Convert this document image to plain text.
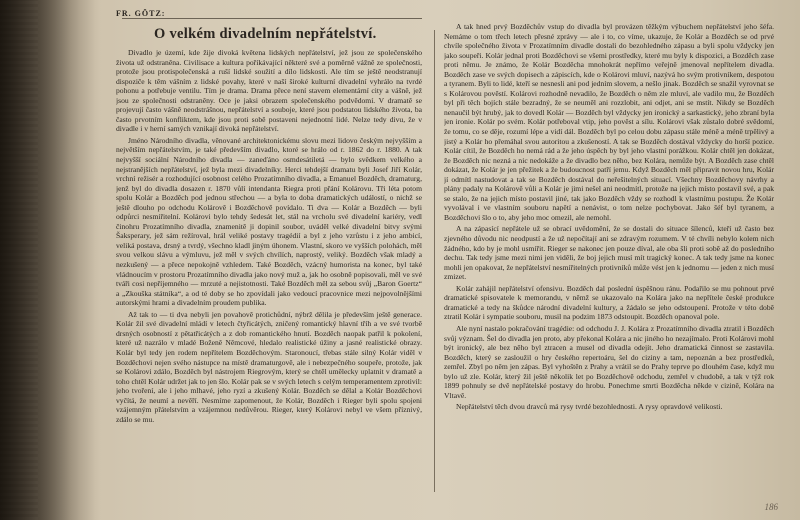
FR. GÖTZ:
O velkém divadelním nepřátelství.

Divadlo je území, kde žije divoká květena lidských nepřátelství, jež jsou ze společenského života už odstraněna. Civilisace a kultura poříkávající některé své a poměrně vážně ze společnosti, protože jsou protispolečenská a ruší lidské soužití a dílo lidskosti. Ale tím se ještě neodstranují dispoziče k těm vášním z lidské povahy, které v naší široké kulturní divadelní vyhrálo na tvrdé pohonu a potřebuje ventilu. Tím je drama. Drama přece není stavem elementární city a vášně, jež jsou ze společnosti odstraněny. Oce je jaksi obrazem společenského podvědomí. V dramatě se projevují často vášně neodstrášnou, nepřátelství a souboje, které jsou podstatou lidského života, ba často prvotním konfliktem, kde jsou proti sobě postaveni nejednotní lidé. Nelze tedy divu, že v divadle i v herní samých vznikají divoká nepřátelství.

Jméno Národního divadla, věnované architektonickému slovu mezi lidovo českým nejvyšším a největším nepřátelstvím, je také především divadlo, ktoré se hrálo od r. 1862 do r. 1880. A tak nejvyšší sociální Národního divadla — zaneďáno osmdesátiletá — bylo svědkem velkého a nejstranějších nepřátelství, jež byla mezi divadelníky. Herci tehdejší dramatu byli Josef Jiří Kolár, vrchní režisér a rozhodující osobnost celého Prozatímního divadla, a Emanuel Bozděch, dramaturg, jenž byl do divadla dosazen r. 1870 vůlí intendanta Riegra proti přání Kolárovu. Tři léta potom spolu Kolár a Bozděch pod jednou střechou — a byla to doba dramatických událostí, o nichž se ještě dlouho po odchodu Kolárově i Bozděchově povídalo. Ti dva — Kolár a Bozděch — byli odpůrci nesmiřitelní. Kolárovi bylo tehdy šedesát let, stál na vrcholu své divadelní kariéry, vedl činohru Prozatímního divadla, znamenitě ji dopinil soubor, uváděl velké divadelní bitvy svými Šaksperary, jež sám režíroval, hrál veliké postavy tragédií a byl z jeho vzrůstu i z jeho ambicí, veliká postava, drsný a tvrdý, všechno kladl jiným úhonem. Vlastní, skoro ve vyšších polohách, měl svou velkou slávu a výmluvu, jež měl v svých chvílích, naprostý, veliký. Bozděch však mladý a nezkušený — a přece nepokojně vzhledem. Také Bozděch, vzácný humorista na konec, byl také vládnoucím v prostoru Prozatímního divadla jako nový muž a, jak ho osobně popisovali, měl ve své tváři cosi nepříjemného — mrzuté a nejistotnosti. Také Bozděch měl za sebou svůj „Baron Goertz“ a „Zkouška státníka“, a od té doby se ho zpovídali jako vedoucí pracovnice mezi nejpovolnějšími autorskými hrami a divadelním proudem publika.

Až tak to — ti dva nebyli jen povahově protichůdní, nýbrž dělila je především ještě generace. Kolár žil své divadelní mládí v letech čtyřicátých, zničený romantický hlavní tříh a ve své tvorbě drsných osobností z pětatřicátých a z dob romantického hnutí. Bozděch naopak patřil k pokolení, které už nazrálo v mladé Boženě Němcové, hledalo realistické úžiny a jasné realistické obrazy. Kolár byl tedy jen rodem nepřítelem Bozděchovým. Staronoucí, třebas stále silný Kolár viděl v Bozděchovi nejen svého nástupce na místě dramaturgově, ale i nebezpečného soupeře, protože, jak se Kolárovi zdálo, Bozděch byl nástrojem Riegrovým, který se chtěl umělecky uplatnit v dramatě a toho chtěl Kolár udržet jak to jen šlo. Kolár pak se v svých letech s celým temperamentem zprotivil: jeho tvoření, ale i jeho mlhavé, jeho ryzí a zkušený Kolár. Bozděch se dělal a Kolár Bozděchovi vyčítá, že neumí a nevěří. Nesmíme zapomenout, že Kolár, Bozděch i Rieger byli spolu spojeni vzájemným přátelstvím a vzájemnou nedůvěrou. Rieger, který Kolárovi nebyl ve všem příznivý, zdálo se mu.

A tak hned prvý Bozděchův vstup do divadla byl provázen těžkým výbuchem nepřátelství jeho šéfa. Nemáme o tom třech letech přesné zprávy — ale i to, co víme, ukazuje, že Kolár a Bozděch se od prvé chvíle společného života v Prozatímním divadle dostali do bezohledného zápasu a byli spolu vždycky jen jako soupeři. Kolár jednal proti Bozděchovi se všemi prostředky, které mu byly k dispozici, a Bozděch zase proti němu. Je známo, že Kolár Bozděcha mnohokrát nepřímo veřejně jmenoval nepřítelem divadla. Bozděch zase ve svých dopisech a zápiscích, kde o Kolárovi mluví, nazývá ho svým protivníkem, despotou a tyranem. Byli to lidé, kteří se nesnesli ani pod jedním slovem, a nešlo jinak. Bozděch se snažil vyrovnat se s Kolárovou pověstí. Kolárovi rozhodně nevadilo, že Bozděch o něm zle mluví, ale vadilo mu, že Bozděch byl při těch bojích stále bezradný, že se neuměl ani rozzlobit, ani odjet, ani se mstít. Nikdy se Bozděch nenaučil být hrubý, jak to dovedl Kolár — Bozděch byl vždycky jen ironický a sarkastický, jeho zbraní byla jen ironie. Kolár po svém. Kolár potřeboval vtip, jeho pověst a sílu. Kolárovi však zůstalo dobré svědomí, že tomu, co se děje, rozumí lépe a vidí dál. Bozděch byl po celou dobu zápasu stále méně a méně trpělivý a jistý a Kolár ho přemáhal svou autoritou a zkušeností. A tak se Bozděch dostával vždycky do horší pozice. Kolár cítil, že Bozděch ho nemá rád a že jeho úspěch by byl jeho vlastní porážkou. Kolár chtěl jen dokázat, že Bozděch nic nezná a nic nedokáže a že divadlo bez něho, bez Kolára, nemůže být. A Bozděch zase chtěl dokázat, že Kolár je jen přežitek a že budoucnost patří jemu. Když Bozděch měl připravit novou hru, Kolár jí odmítl nastudovat a tak se Bozděch dostával do neřešitelných situací. Všechny Bozděchovy návrhy a plány padaly na Kolárově vůli a Kolár je jimi nešel ani neodmítl, protože na jejich místo postavil své, a pak se stalo, že na jejich místo postavil jiné, tak jako Bozděch vždy se rozhodl k vlastnímu postupu. Že Kolár vyvolával i ve vlastním souboru napětí a nenávist, o tom nelze pochybovat. Jako šéf byl tyranem, a Bozděchovi šlo o to, aby jeho moc omezil, ale nemohl.

A na zápasící nepřátele už se obrací uvědomění, že se dostali do situace šílenců, kteří už často bez zjevného důvodu nic neodpustí a že už nepočítají ani se zdravým rozumem. V té chvíli nebylo kolem nich žádného, kdo by je mohl usmířit. Rieger se nakonec jen pouze díval, ale oba šli proti sobě až do posledního dechu. Tak tedy jsme mezi nimi jen viděli, že boj jejich musí mít tragický konec. A tak tedy jsme na konec mohli jen opakovat, že nepřátelství nesmířitelných protivníků může vést jen k jednomu — jeden z nich musí zmizet.

Kolár zahájil nepřátelství ofensivu. Bozděch dal poslední úspěšnou ránu. Podařilo se mu pohnout prvé dramatické spisovatele k memorandu, v němž se ukazovalo na Kolára jako na nepřítele české produkce dramatické a tedy na škůdce národní divadelní kultury, a žádalo se jeho odstoupení. Protože v této době ztratil Kolár i sympatie souboru, musil na podzim 1873 odstoupit. Bozděch opanoval pole.

Ale nyní nastalo pokračování tragédie: od odchodu J. J. Kolára z Prozatímního divadla ztratil i Bozděch svůj význam. Šel do divadla jen proto, aby překonal Kolára a nic jiného ho nezajímalo. Proti Kolárovi mohl být ironický, ale bez něho byl ztracen a musel od divadla odejít. Jeho dramatická činnost se zastavila. Bozděch, který se zasloužil o hry českého repertoáru, šel do ciziny a tam, nepoznán a bez prostředků, zemřel. Zbyl po něm jen zápas. Byl vyhoštěn z Prahy a vrátil se do Prahy teprve po dlouhém čase, když mu bylo už zle. Kolár, který žil ještě několik let po Bozděchově odchodu, zemřel v chudobě, a tak v týž rok 1899 pohnuly se dvě nepřátelské postavy do hrobu. Ponechme smrti Bozděcha někde v cizině, Kolára na Vltavě.

Nepřátelství těch dvou dravců má rysy tvrdé bezohlednosti. A rysy opravdové velikosti.

186
